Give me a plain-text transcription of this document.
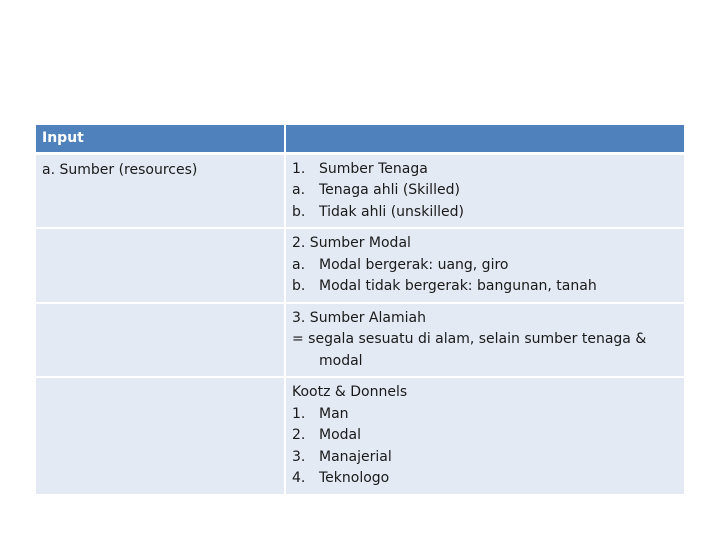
Input	
a. Sumber (resources)	1. Sumber Tenaga
a. Tenaga ahli (Skilled)
b. Tidak ahli (unskilled)

	2. Sumber Modal
a. Modal bergerak: uang, giro
b. Modal tidak bergerak: bangunan, tanah

	3. Sumber Alamiah
= segala sesuatu di alam, selain sumber tenaga &
modal

	Kootz & Donnels
1. Man
2. Modal
3. Manajerial
4. Teknologo
